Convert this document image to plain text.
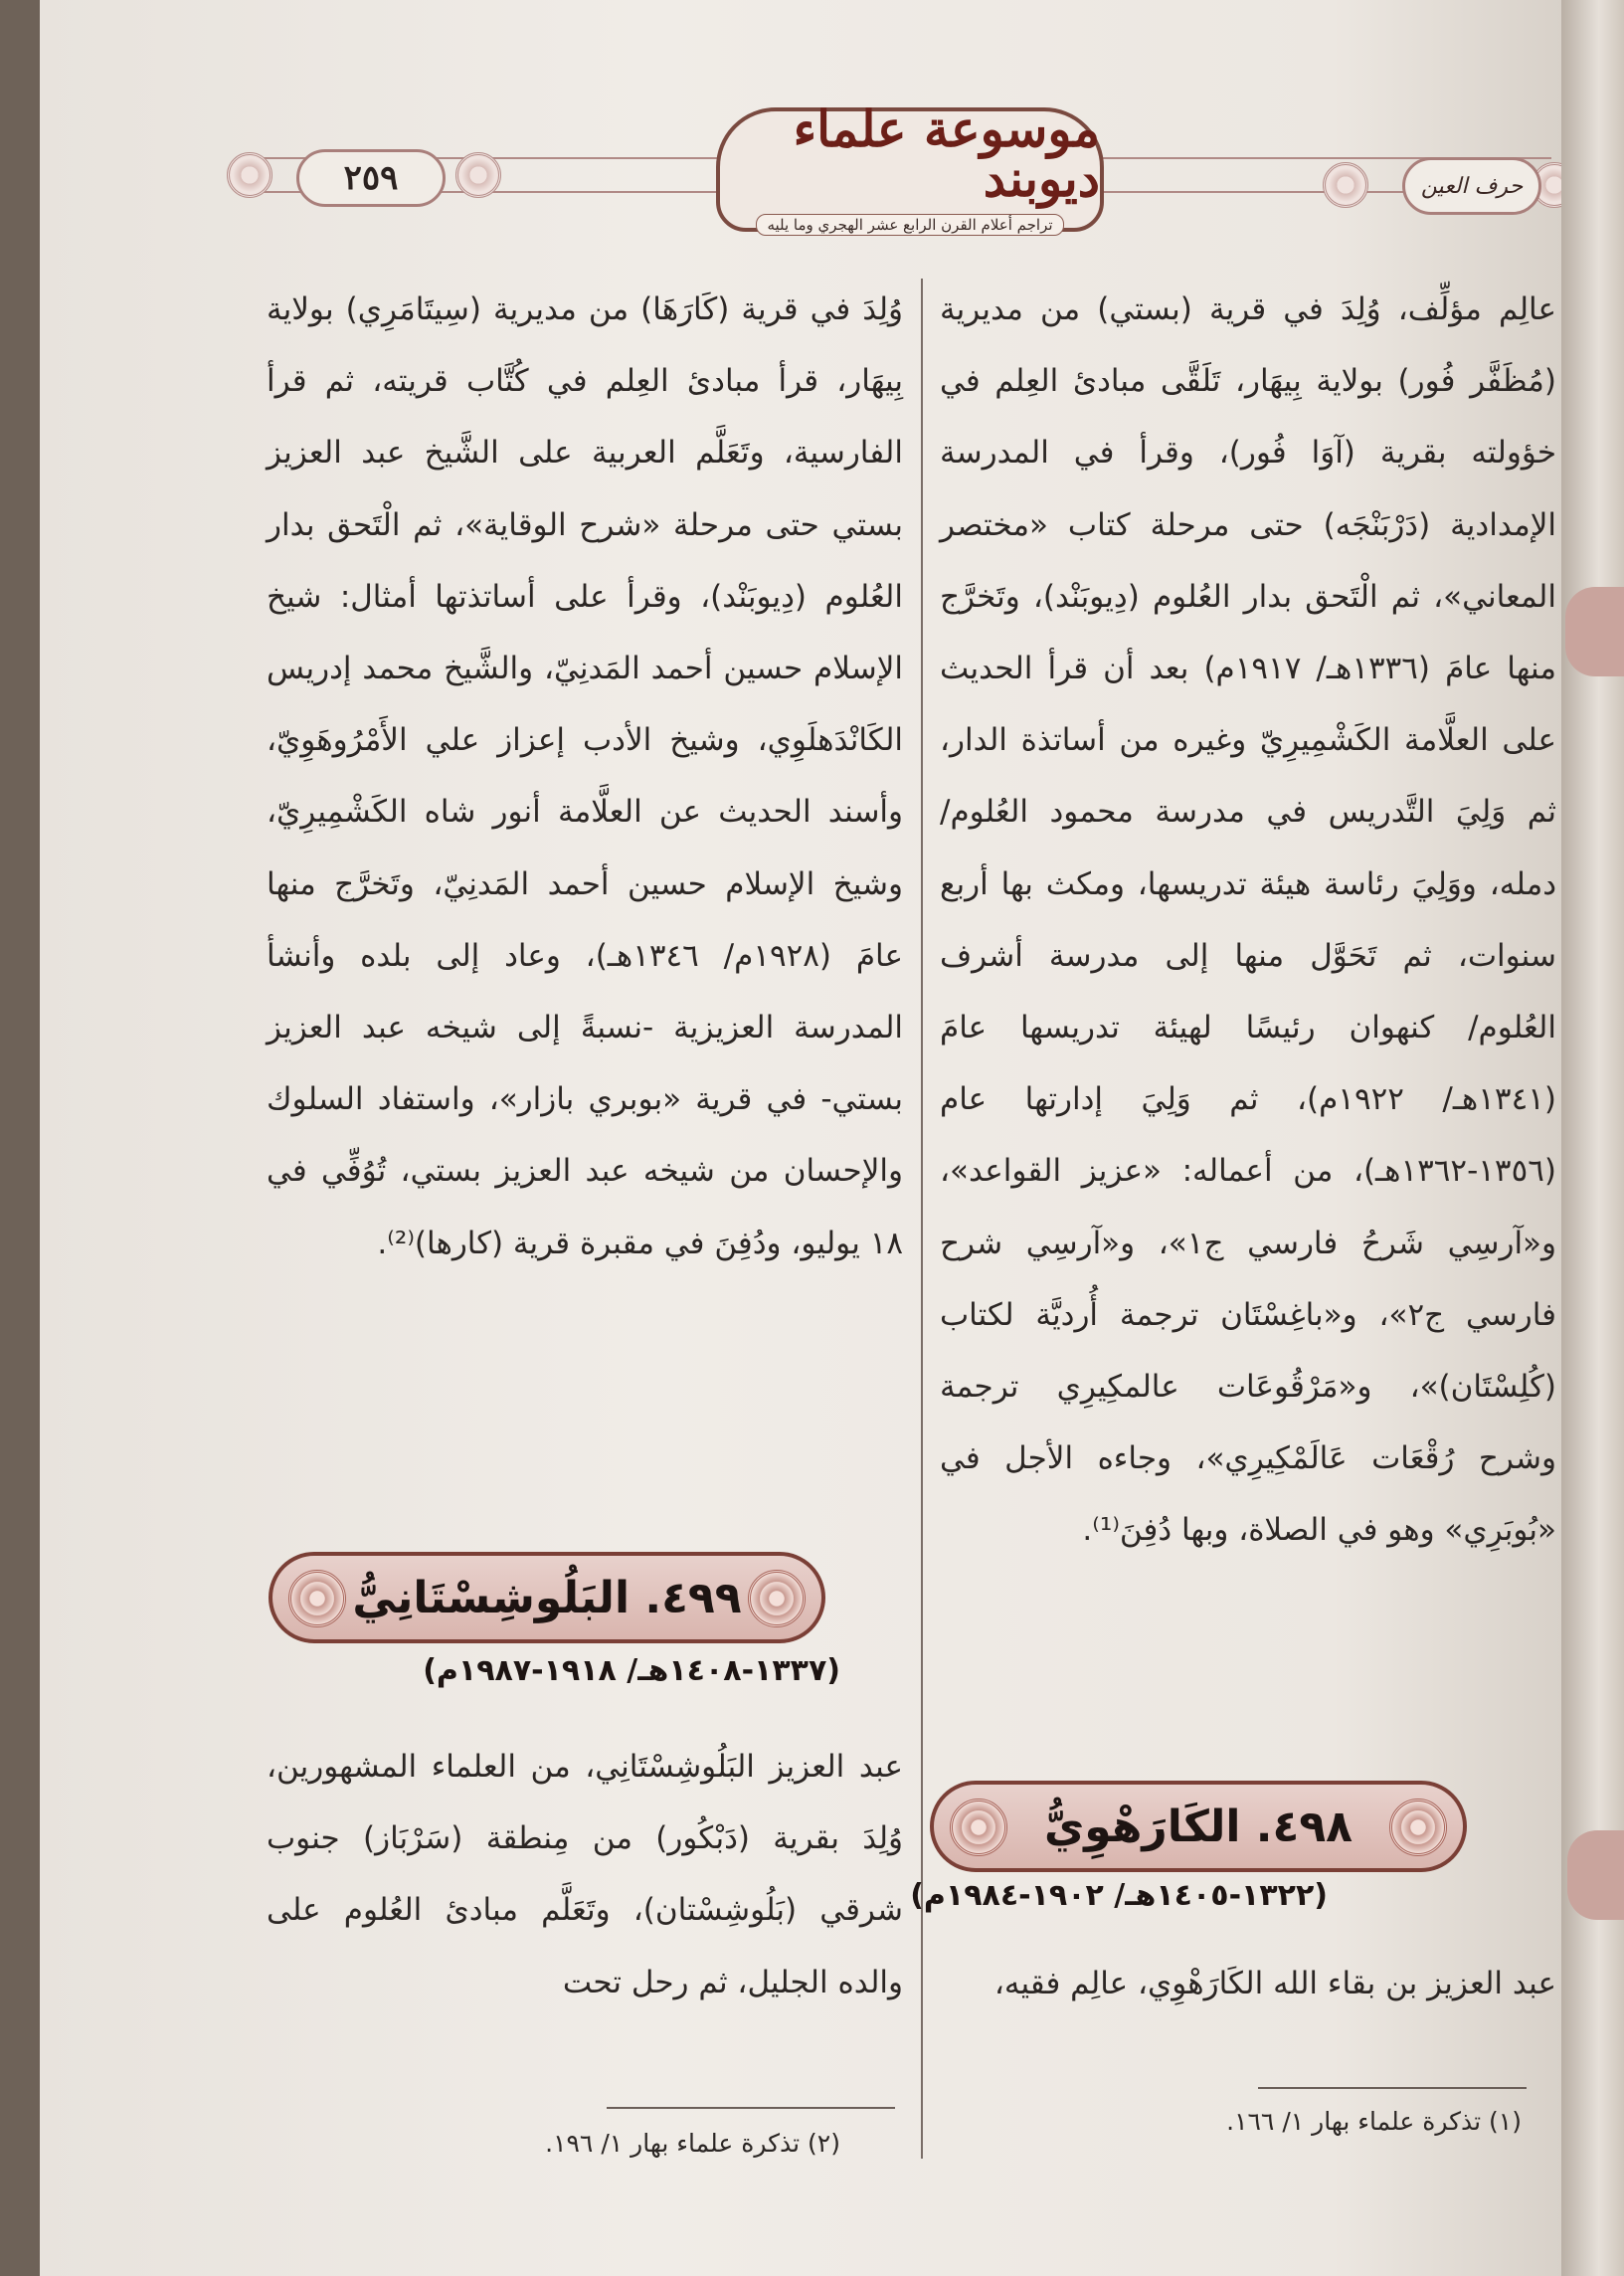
٢٥٩	حرف العين
موسوعة علماء ديوبند
تراجم أعلام القرن الرابع عشر الهجري وما يليه

عالِم مؤلِّف، وُلِدَ في قرية (بستي) من مديرية (مُظَفَّر فُور) بولاية بِيهَار، تَلَقَّى مبادئ العِلم في خؤولته بقرية (آوَا فُور)، وقرأ في المدرسة الإمدادية (دَرْبَنْجَه) حتى مرحلة كتاب «مختصر المعاني»، ثم الْتَحق بدار العُلوم (دِيوبَنْد)، وتَخرَّج منها عامَ (١٣٣٦هـ/ ١٩١٧م) بعد أن قرأ الحديث على العلَّامة الكَشْمِيرِيّ وغيره من أساتذة الدار، ثم وَلِيَ التَّدريس في مدرسة محمود العُلوم/ دمله، ووَلِيَ رئاسة هيئة تدريسها، ومكث بها أربع سنوات، ثم تَحَوَّل منها إلى مدرسة أشرف العُلوم/ كنهوان رئيسًا لهيئة تدريسها عامَ (١٣٤١هـ/ ١٩٢٢م)، ثم وَلِيَ إدارتها عام (١٣٥٦-١٣٦٢هـ)، من أعماله: «عزيز القواعد»، و«آرسِي شَرحُ فارسي ج١»، و«آرسِي شرح فارسي ج٢»، و«باغِسْتَان ترجمة أُرديَّة لكتاب (كُلِسْتَان)»، و«مَرْقُوعَات عالمكِيرِي ترجمة وشرح رُقْعَات عَالَمْكِيرِي»، وجاءه الأجل في «بُوبَرِي» وهو في الصلاة، وبها دُفِنَ⁽¹⁾.

٤٩٨. الكَارَهْوِيُّ
(١٣٢٢-١٤٠٥هـ/ ١٩٠٢-١٩٨٤م)

عبد العزيز بن بقاء الله الكَارَهْوِي، عالِم فقيه،

(١) تذكرة علماء بهار ١/ ١٦٦.

وُلِدَ في قرية (كَارَهَا) من مديرية (سِيتَامَرِي) بولاية بِيهَار، قرأ مبادئ العِلم في كُتَّاب قريته، ثم قرأ الفارسية، وتَعَلَّم العربية على الشَّيخ عبد العزيز بستي حتى مرحلة «شرح الوقاية»، ثم الْتَحق بدار العُلوم (دِيوبَنْد)، وقرأ على أساتذتها أمثال: شيخ الإسلام حسين أحمد المَدنِيّ، والشَّيخ محمد إدريس الكَانْدَهلَوِي، وشيخ الأدب إعزاز علي الأَمْرُوهَوِيّ، وأسند الحديث عن العلَّامة أنور شاه الكَشْمِيرِيّ، وشيخ الإسلام حسين أحمد المَدنِيّ، وتَخرَّج منها عامَ (١٩٢٨م/ ١٣٤٦هـ)، وعاد إلى بلده وأنشأ المدرسة العزيزية -نسبةً إلى شيخه عبد العزيز بستي- في قرية «بوبري بازار»، واستفاد السلوك والإحسان من شيخه عبد العزيز بستي، تُوُفِّي في ١٨ يوليو، ودُفِنَ في مقبرة قرية (كارها)⁽²⁾.

٤٩٩. البَلُوشِسْتَانِيُّ
(١٣٣٧-١٤٠٨هـ/ ١٩١٨-١٩٨٧م)

عبد العزيز البَلُوشِسْتَانِي، من العلماء المشهورين، وُلِدَ بقرية (دَبْكُور) من مِنطقة (سَرْبَاز) جنوب شرقي (بَلُوشِسْتان)، وتَعَلَّم مبادئ العُلوم على والده الجليل، ثم رحل تحت

(٢) تذكرة علماء بهار ١/ ١٩٦.
